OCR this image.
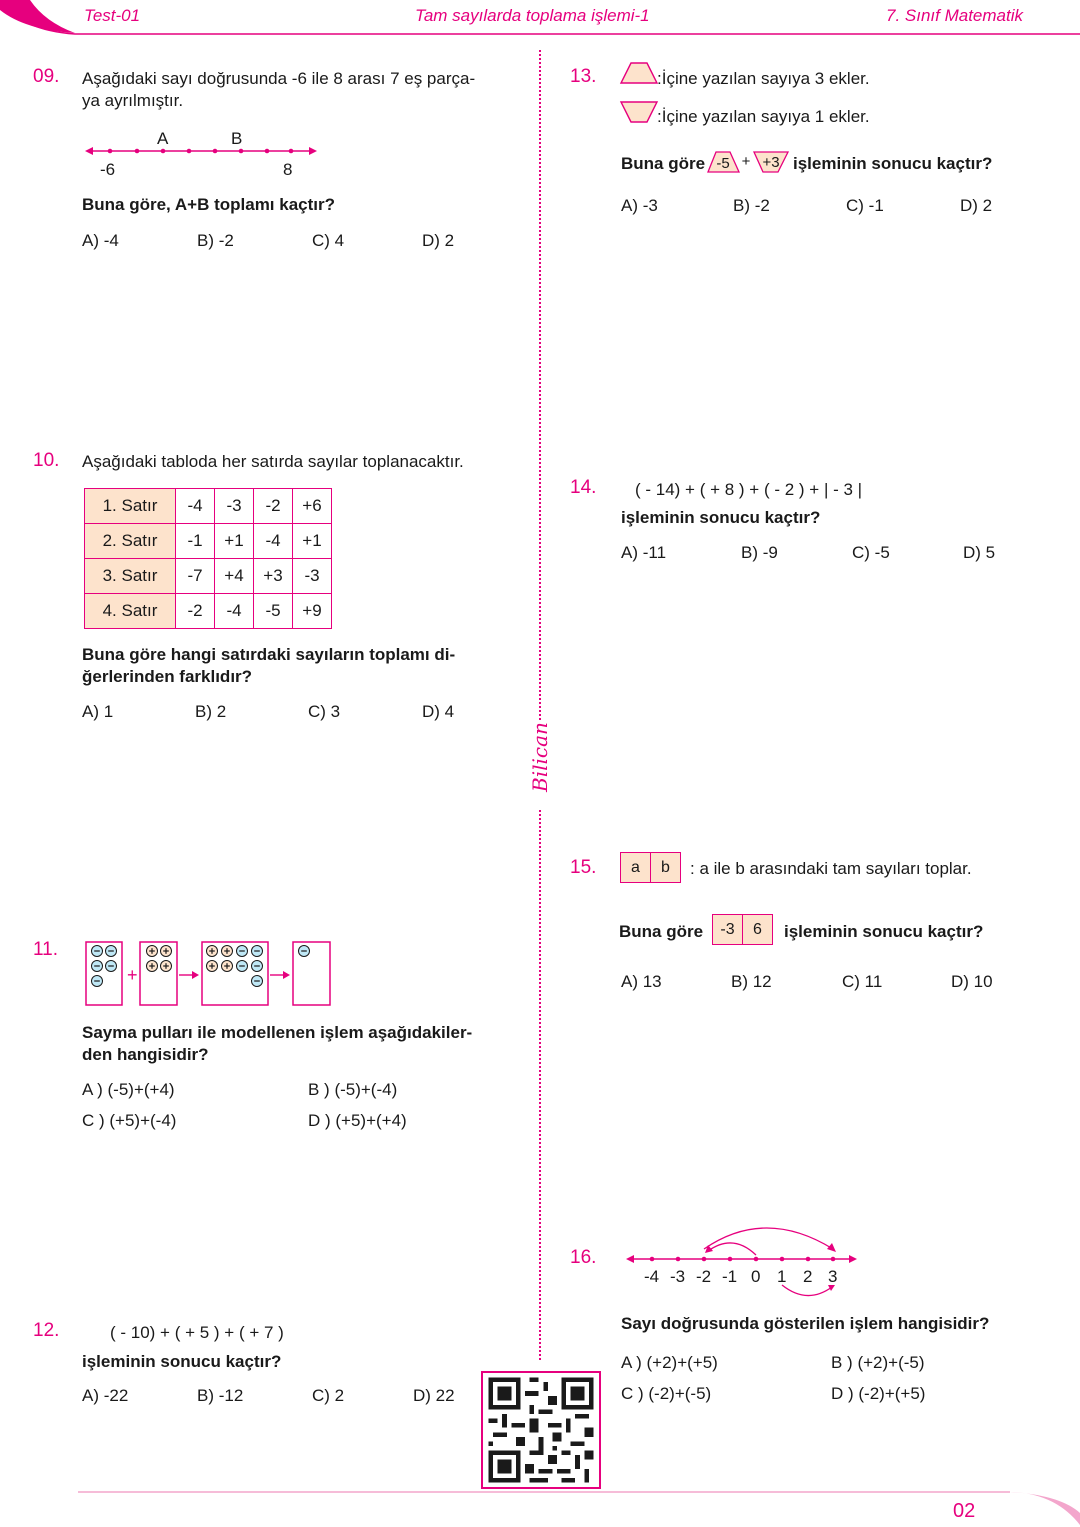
Test-01	Tam sayılarda toplama işlemi-1	7. Sınıf Matematik
Bilican
09. Aşağıdaki sayı doğrusunda -6 ile 8 arası 7 eş parça-
ya ayrılmıştır.
A	B
-6	8
Buna göre, A+B toplamı kaçtır?
A) -4	B) -2	C) 4	D) 2
10. Aşağıdaki tabloda her satırda sayılar toplanacaktır.
1. Satır	-4	-3	-2	+6
2. Satır	-1	+1	-4	+1
3. Satır	-7	+4	+3	-3
4. Satır	-2	-4	-5	+9
Buna göre hangi satırdaki sayıların toplamı di-
ğerlerinden farklıdır?
A) 1	B) 2	C) 3	D) 4
11.
+
Sayma pulları ile modellenen işlem aşağıdakiler-
den hangisidir?
A ) (-5)+(+4)	B ) (-5)+(-4)
C ) (+5)+(-4)	D ) (+5)+(+4)
12.	( - 10) + ( + 5 ) + ( + 7 )
işleminin sonucu kaçtır?
A) -22	B) -12	C) 2	D) 22
13.	:İçine yazılan sayıya 3 ekler.
:İçine yazılan sayıya 1 ekler.
Buna göre -5 + +3 işleminin sonucu kaçtır?
A) -3	B) -2	C) -1	D) 2
14. ( - 14) + ( + 8 ) + ( - 2 ) + | - 3 |
işleminin sonucu kaçtır?
A) -11	B) -9	C) -5	D) 5
15.	a b	: a ile b arasındaki tam sayıları toplar.
Buna göre	-3 6	işleminin sonucu kaçtır?
A) 13	B) 12	C) 11	D) 10
16.
-4 -3 -2 -1 0 1 2 3
Sayı doğrusunda gösterilen işlem hangisidir?
A ) (+2)+(+5)	B ) (+2)+(-5)
C ) (-2)+(-5)	D ) (-2)+(+5)
02
